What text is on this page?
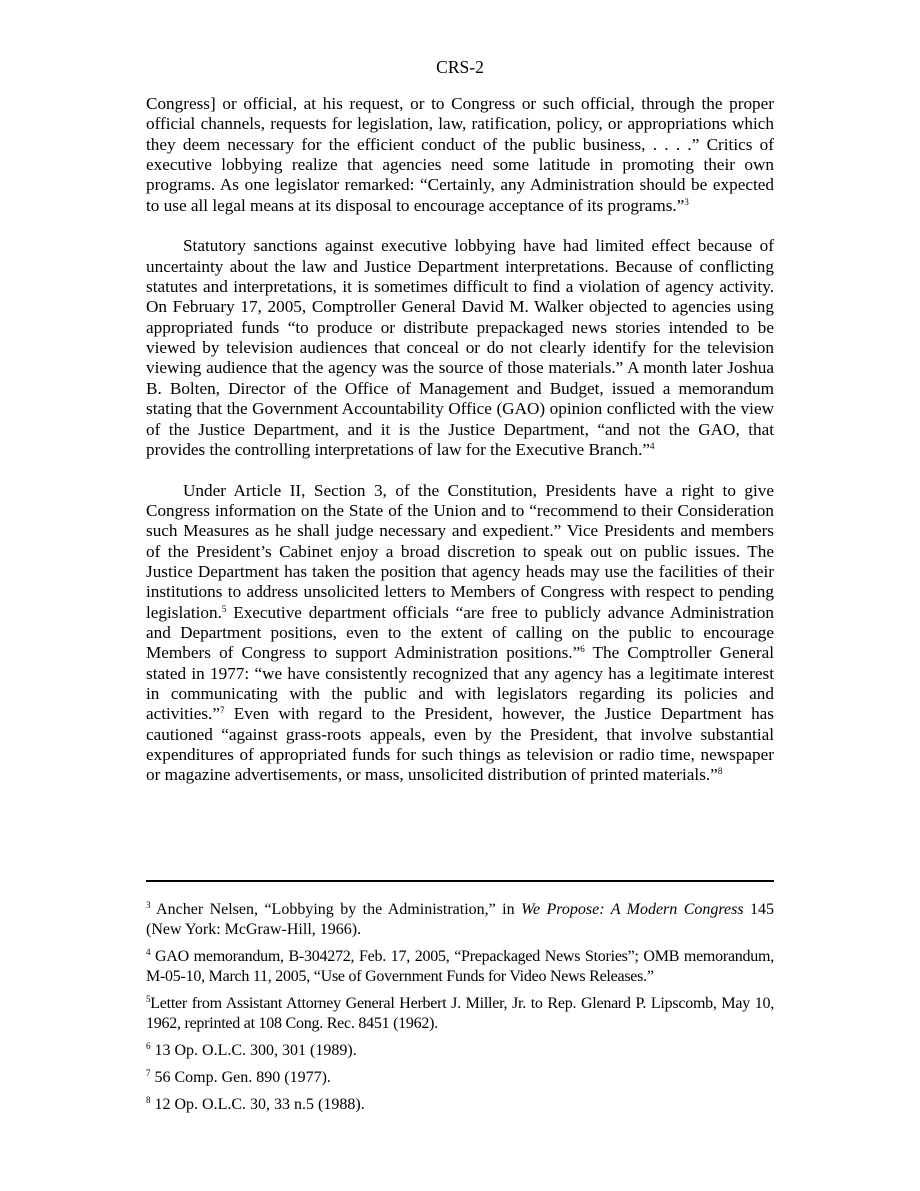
CRS-2

Congress] or official, at his request, or to Congress or such official, through the proper official channels, requests for legislation, law, ratification, policy, or appropriations which they deem necessary for the efficient conduct of the public business, . . . .” Critics of executive lobbying realize that agencies need some latitude in promoting their own programs. As one legislator remarked: “Certainly, any Administration should be expected to use all legal means at its disposal to encourage acceptance of its programs.”$^3$

Statutory sanctions against executive lobbying have had limited effect because of uncertainty about the law and Justice Department interpretations. Because of conflicting statutes and interpretations, it is sometimes difficult to find a violation of agency activity. On February 17, 2005, Comptroller General David M. Walker objected to agencies using appropriated funds “to produce or distribute prepackaged news stories intended to be viewed by television audiences that conceal or do not clearly identify for the television viewing audience that the agency was the source of those materials.” A month later Joshua B. Bolten, Director of the Office of Management and Budget, issued a memorandum stating that the Government Accountability Office (GAO) opinion conflicted with the view of the Justice Department, and it is the Justice Department, “and not the GAO, that provides the controlling interpretations of law for the Executive Branch.”$^4$

Under Article II, Section 3, of the Constitution, Presidents have a right to give Congress information on the State of the Union and to “recommend to their Consideration such Measures as he shall judge necessary and expedient.” Vice Presidents and members of the President’s Cabinet enjoy a broad discretion to speak out on public issues. The Justice Department has taken the position that agency heads may use the facilities of their institutions to address unsolicited letters to Members of Congress with respect to pending legislation.$^5$ Executive department officials “are free to publicly advance Administration and Department positions, even to the extent of calling on the public to encourage Members of Congress to support Administration positions.”$^6$ The Comptroller General stated in 1977: “we have consistently recognized that any agency has a legitimate interest in communicating with the public and with legislators regarding its policies and activities.”$^7$ Even with regard to the President, however, the Justice Department has cautioned “against grass-roots appeals, even by the President, that involve substantial expenditures of appropriated funds for such things as television or radio time, newspaper or magazine advertisements, or mass, unsolicited distribution of printed materials.”$^8$

$^3$ Ancher Nelsen, “Lobbying by the Administration,” in We Propose: A Modern Congress 145 (New York: McGraw-Hill, 1966).

$^4$ GAO memorandum, B-304272, Feb. 17, 2005, “Prepackaged News Stories”; OMB memorandum, M-05-10, March 11, 2005, “Use of Government Funds for Video News Releases.”

$^5$Letter from Assistant Attorney General Herbert J. Miller, Jr. to Rep. Glenard P. Lipscomb, May 10, 1962, reprinted at 108 Cong. Rec. 8451 (1962).

$^6$ 13 Op. O.L.C. 300, 301 (1989).

$^7$ 56 Comp. Gen. 890 (1977).

$^8$ 12 Op. O.L.C. 30, 33 n.5 (1988).
